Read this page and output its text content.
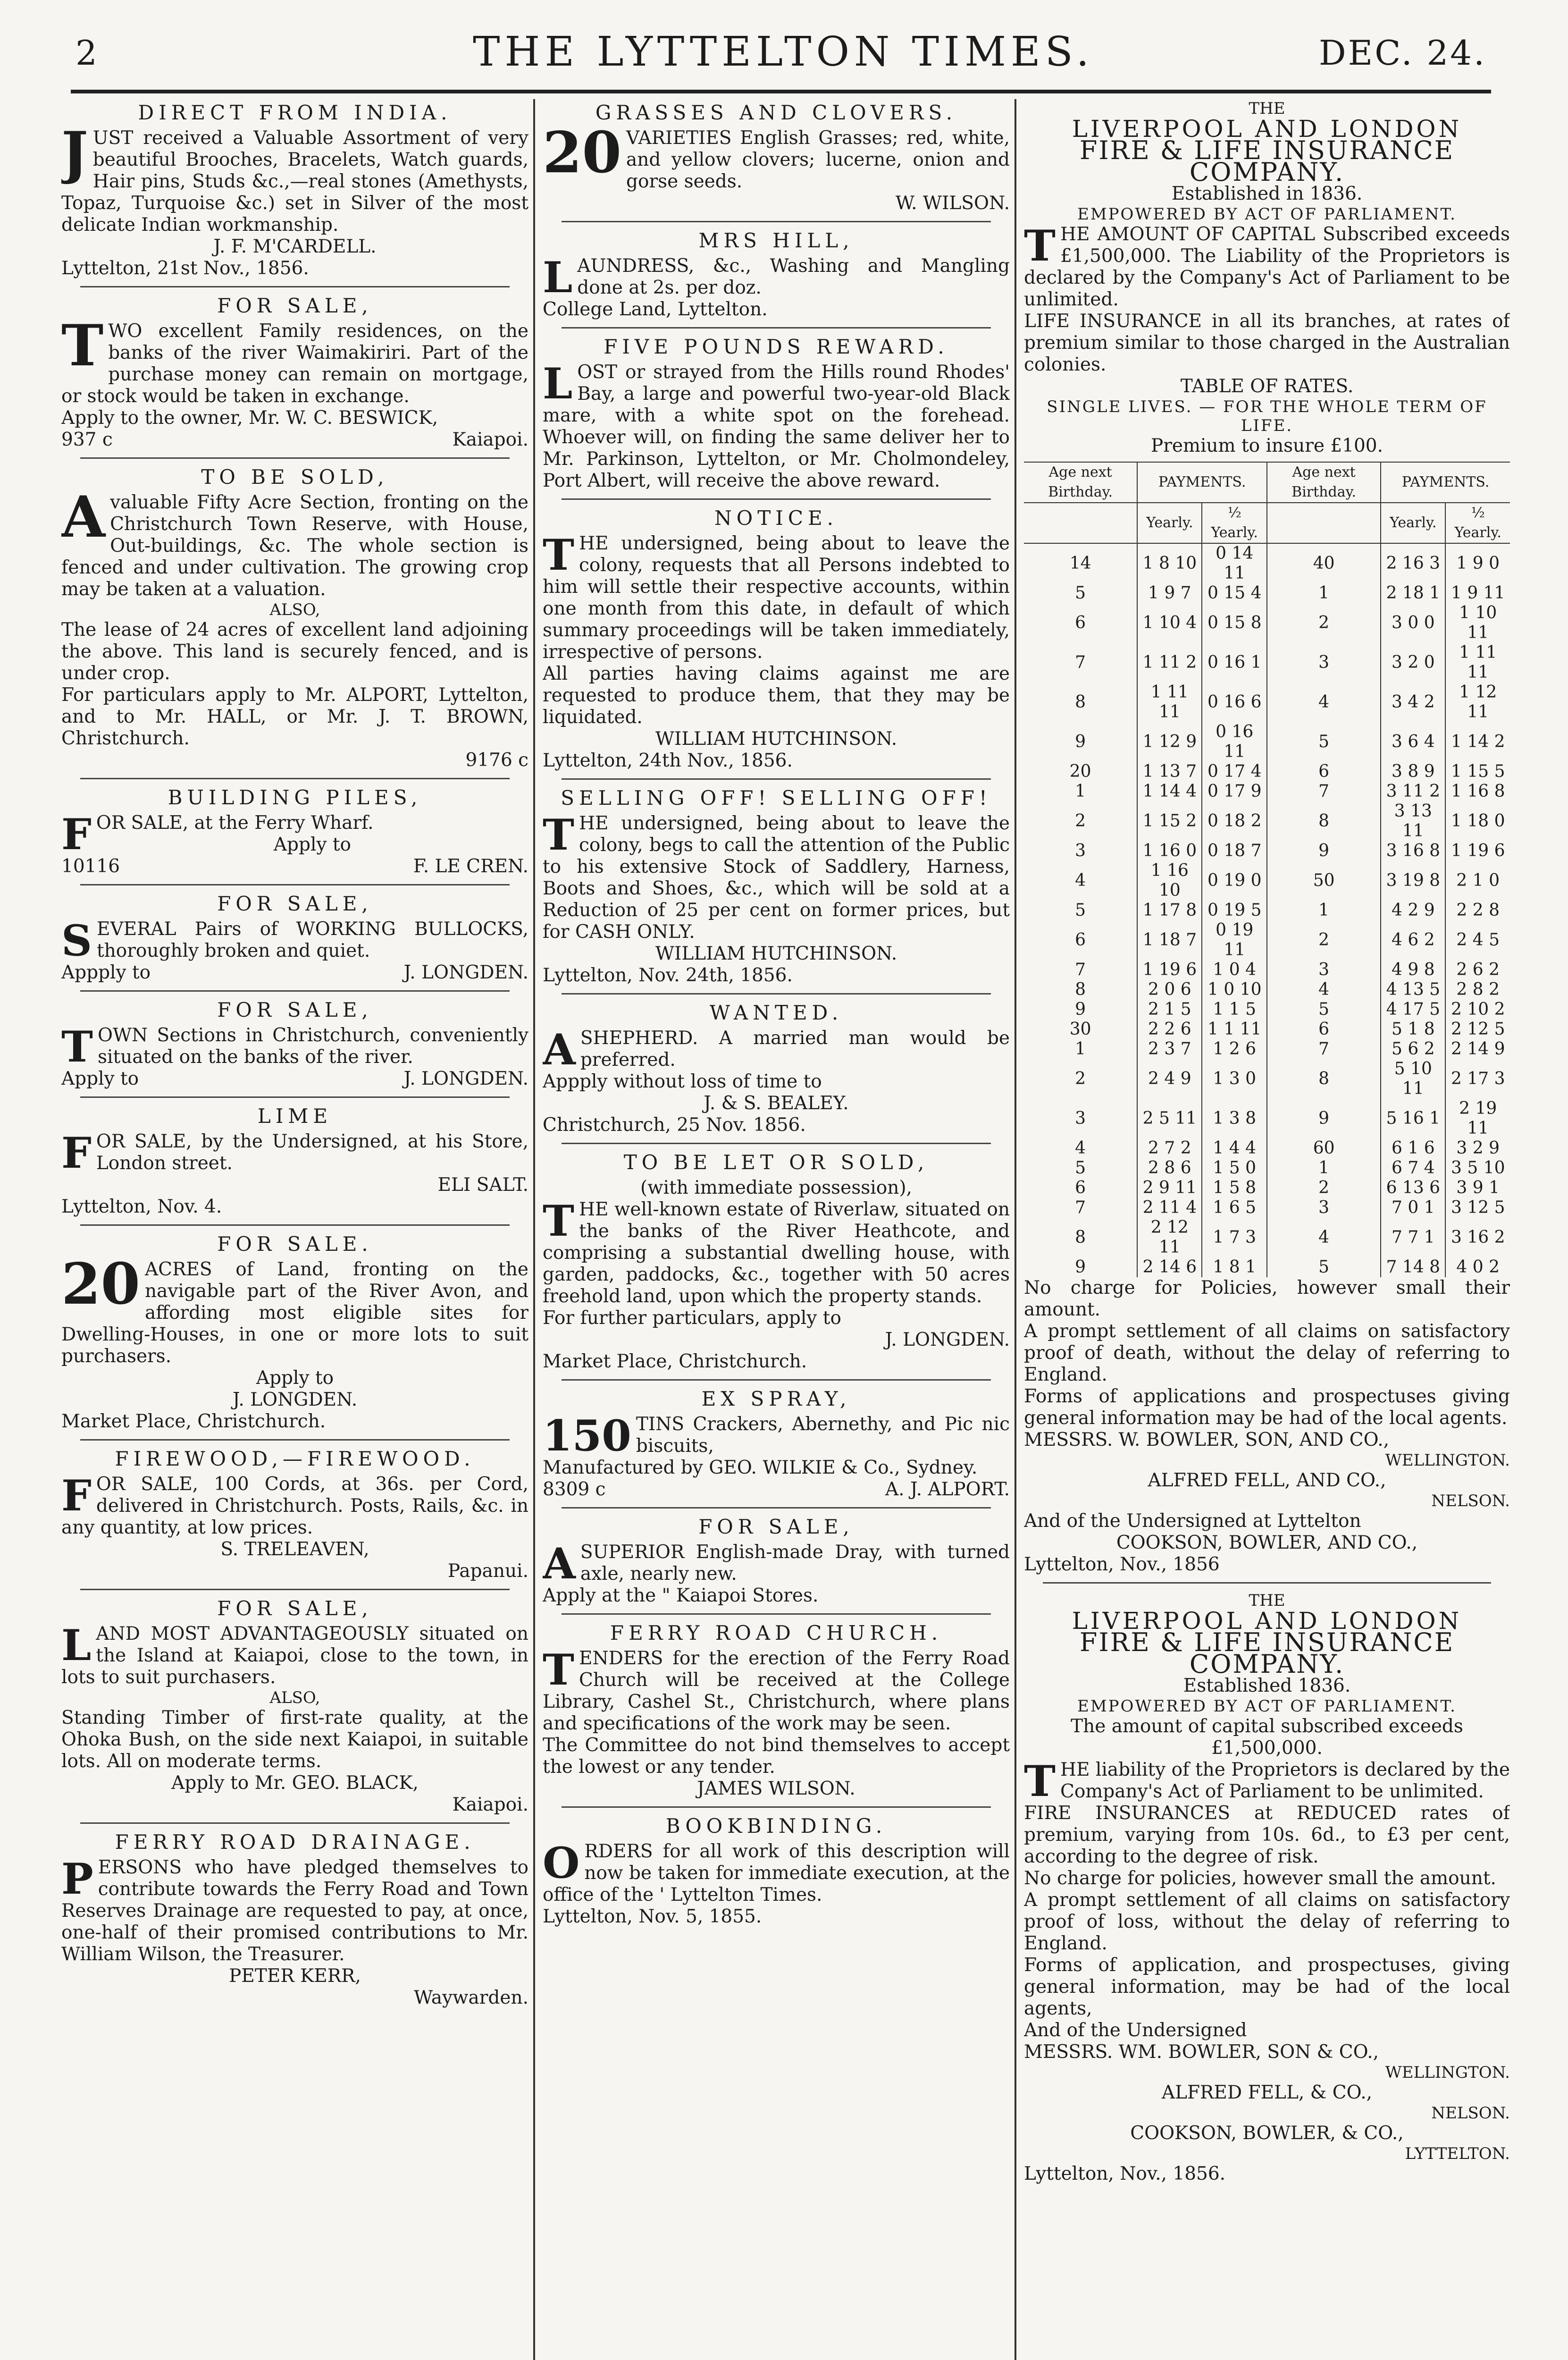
2	THE LYTTELTON TIMES.	DEC. 24.
DIRECT FROM INDIA.

JUST received a Valuable Assortment of very beautiful Brooches, Bracelets, Watch guards, Hair pins, Studs &c.,—real stones (Amethysts, Topaz, Turquoise &c.) set in Silver of the most delicate Indian workmanship.

J. F. M'CARDELL.
Lyttelton, 21st Nov., 1856.
FOR SALE,

TWO excellent Family residences, on the banks of the river Waimakiriri. Part of the purchase money can remain on mortgage, or stock would be taken in exchange.

Apply to the owner, Mr. W. C. BESWICK,

937 c	Kaiapoi.
TO BE SOLD,

Avaluable Fifty Acre Section, fronting on the Christchurch Town Reserve, with House, Out-buildings, &c. The whole section is fenced and under cultivation. The growing crop may be taken at a valuation.

ALSO,

The lease of 24 acres of excellent land adjoining the above. This land is securely fenced, and is under crop.

For particulars apply to Mr. ALPORT, Lyttelton, and to Mr. HALL, or Mr. J. T. BROWN, Christchurch.

9176 c
BUILDING PILES,

FOR SALE, at the Ferry Wharf.

Apply to
10116	F. LE CREN.
FOR SALE,

SEVERAL Pairs of WORKING BULLOCKS, thoroughly broken and quiet.

Appply to	J. LONGDEN.
FOR SALE,

TOWN Sections in Christchurch, conveniently situated on the banks of the river.

Apply to	J. LONGDEN.
LIME

FOR SALE, by the Undersigned, at his Store, London street.

ELI SALT.
Lyttelton, Nov. 4.
FOR SALE.

20 ACRES of Land, fronting on the navigable part of the River Avon, and affording most eligible sites for Dwelling-Houses, in one or more lots to suit purchasers.

Apply to
J. LONGDEN.
Market Place, Christchurch.
FIREWOOD,—FIREWOOD.

FOR SALE, 100 Cords, at 36s. per Cord, delivered in Christchurch. Posts, Rails, &c. in any quantity, at low prices.

S. TRELEAVEN,
Papanui.
FOR SALE,

LAND MOST ADVANTAGEOUSLY situated on the Island at Kaiapoi, close to the town, in lots to suit purchasers.

ALSO,

Standing Timber of first-rate quality, at the Ohoka Bush, on the side next Kaiapoi, in suitable lots. All on moderate terms.

Apply to Mr. GEO. BLACK,
Kaiapoi.
FERRY ROAD DRAINAGE.

PERSONS who have pledged themselves to contribute towards the Ferry Road and Town Reserves Drainage are requested to pay, at once, one-half of their promised contributions to Mr. William Wilson, the Treasurer.

PETER KERR,
Waywarden.
GRASSES AND CLOVERS.

20 VARIETIES English Grasses; red, white, and yellow clovers; lucerne, onion and gorse seeds.

W. WILSON.
MRS HILL,

LAUNDRESS, &c., Washing and Mangling done at 2s. per doz.

College Land, Lyttelton.
FIVE POUNDS REWARD.

LOST or strayed from the Hills round Rhodes' Bay, a large and powerful two-year-old Black mare, with a white spot on the forehead. Whoever will, on finding the same deliver her to Mr. Parkinson, Lyttelton, or Mr. Cholmondeley, Port Albert, will receive the above reward.

NOTICE.

THE undersigned, being about to leave the colony, requests that all Persons indebted to him will settle their respective accounts, within one month from this date, in default of which summary proceedings will be taken immediately, irrespective of persons.

All parties having claims against me are requested to produce them, that they may be liquidated.

WILLIAM HUTCHINSON.
Lyttelton, 24th Nov., 1856.
SELLING OFF! SELLING OFF!

THE undersigned, being about to leave the colony, begs to call the attention of the Public to his extensive Stock of Saddlery, Harness, Boots and Shoes, &c., which will be sold at a Reduction of 25 per cent on former prices, but for CASH ONLY.

WILLIAM HUTCHINSON.
Lyttelton, Nov. 24th, 1856.
WANTED.

ASHEPHERD. A married man would be preferred.

Appply without loss of time to

J. & S. BEALEY.
Christchurch, 25 Nov. 1856.
TO BE LET OR SOLD,
(with immediate possession),

THE well-known estate of Riverlaw, situated on the banks of the River Heathcote, and comprising a substantial dwelling house, with garden, paddocks, &c., together with 50 acres freehold land, upon which the property stands.

For further particulars, apply to

J. LONGDEN.
Market Place, Christchurch.
EX SPRAY,

150 TINS Crackers, Abernethy, and Pic nic biscuits,

Manufactured by GEO. WILKIE & Co., Sydney.

8309 c	A. J. ALPORT.
FOR SALE,

ASUPERIOR English-made Dray, with turned axle, nearly new.

Apply at the " Kaiapoi Stores.
FERRY ROAD CHURCH.

TENDERS for the erection of the Ferry Road Church will be received at the College Library, Cashel St., Christchurch, where plans and specifications of the work may be seen.

The Committee do not bind themselves to accept the lowest or any tender.

JAMES WILSON.
BOOKBINDING.

ORDERS for all work of this description will now be taken for immediate execution, at the office of the ' Lyttelton Times.

Lyttelton, Nov. 5, 1855.
THE
LIVERPOOL AND LONDON
FIRE & LIFE INSURANCE COMPANY.
Established in 1836.
EMPOWERED BY ACT OF PARLIAMENT.

THE AMOUNT OF CAPITAL Subscribed exceeds £1,500,000. The Liability of the Proprietors is declared by the Company's Act of Parliament to be unlimited.

LIFE INSURANCE in all its branches, at rates of premium similar to those charged in the Australian colonies.

TABLE OF RATES.
SINGLE LIVES. — FOR THE WHOLE TERM OF LIFE.
Premium to insure £100.
Age next Birthday.	PAYMENTS.		Age next Birthday.	PAYMENTS.	
	Yearly.	½ Yearly.		Yearly.	½ Yearly.
14	1 8 10	0 14 11	40	2 16 3	1 9 0
5	1 9 7	0 15 4	1	2 18 1	1 9 11
6	1 10 4	0 15 8	2	3 0 0	1 10 11
7	1 11 2	0 16 1	3	3 2 0	1 11 11
8	1 11 11	0 16 6	4	3 4 2	1 12 11
9	1 12 9	0 16 11	5	3 6 4	1 14 2
20	1 13 7	0 17 4	6	3 8 9	1 15 5
1	1 14 4	0 17 9	7	3 11 2	1 16 8
2	1 15 2	0 18 2	8	3 13 11	1 18 0
3	1 16 0	0 18 7	9	3 16 8	1 19 6
4	1 16 10	0 19 0	50	3 19 8	2 1 0
5	1 17 8	0 19 5	1	4 2 9	2 2 8
6	1 18 7	0 19 11	2	4 6 2	2 4 5
7	1 19 6	1 0 4	3	4 9 8	2 6 2
8	2 0 6	1 0 10	4	4 13 5	2 8 2
9	2 1 5	1 1 5	5	4 17 5	2 10 2
30	2 2 6	1 1 11	6	5 1 8	2 12 5
1	2 3 7	1 2 6	7	5 6 2	2 14 9
2	2 4 9	1 3 0	8	5 10 11	2 17 3
3	2 5 11	1 3 8	9	5 16 1	2 19 11
4	2 7 2	1 4 4	60	6 1 6	3 2 9
5	2 8 6	1 5 0	1	6 7 4	3 5 10
6	2 9 11	1 5 8	2	6 13 6	3 9 1
7	2 11 4	1 6 5	3	7 0 1	3 12 5
8	2 12 11	1 7 3	4	7 7 1	3 16 2
9	2 14 6	1 8 1	5	7 14 8	4 0 2

No charge for Policies, however small their amount.

A prompt settlement of all claims on satisfactory proof of death, without the delay of referring to England.

Forms of applications and prospectuses giving general information may be had of the local agents.

MESSRS. W. BOWLER, SON, AND CO.,
WELLINGTON.
ALFRED FELL, AND CO.,
NELSON.
And of the Undersigned at Lyttelton
COOKSON, BOWLER, AND CO.,
Lyttelton, Nov., 1856
THE
LIVERPOOL AND LONDON
FIRE & LIFE INSURANCE COMPANY.
Established 1836.
EMPOWERED BY ACT OF PARLIAMENT.
The amount of capital subscribed exceeds
£1,500,000.

THE liability of the Proprietors is declared by the Company's Act of Parliament to be unlimited.

FIRE INSURANCES at REDUCED rates of premium, varying from 10s. 6d., to £3 per cent, according to the degree of risk.

No charge for policies, however small the amount.

A prompt settlement of all claims on satisfactory proof of loss, without the delay of referring to England.

Forms of application, and prospectuses, giving general information, may be had of the local agents,

And of the Undersigned
MESSRS. WM. BOWLER, SON & CO.,
WELLINGTON.
ALFRED FELL, & CO.,
NELSON.
COOKSON, BOWLER, & CO.,
LYTTELTON.
Lyttelton, Nov., 1856.
